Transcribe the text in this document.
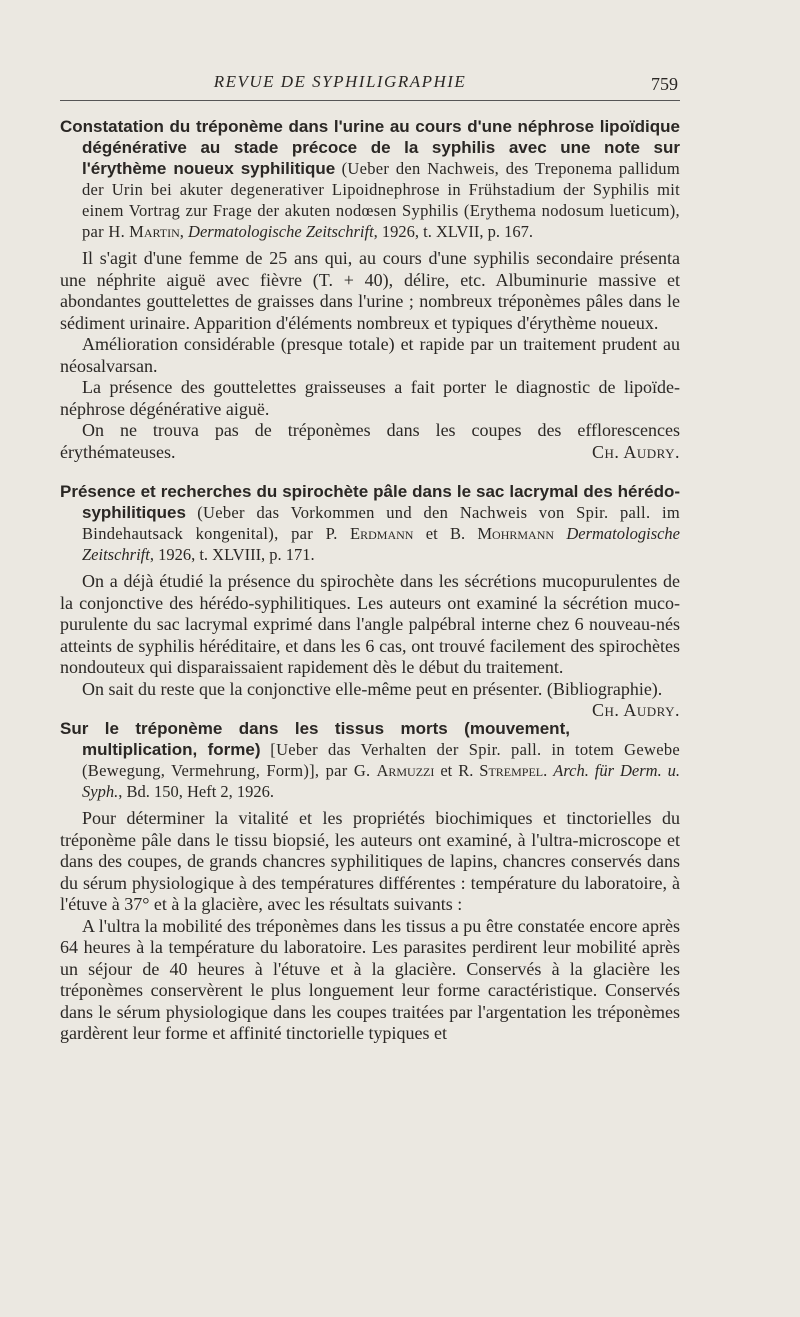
REVUE DE SYPHILIGRAPHIE	759

Constatation du tréponème dans l'urine au cours d'une néphrose lipoïdique dégénérative au stade précoce de la syphilis avec une note sur l'érythème noueux syphilitique (Ueber den Nachweis, des Treponema pallidum der Urin bei akuter degenerativer Lipoidnephrose in Frühstadium der Syphilis mit einem Vortrag zur Frage der akuten nodœsen Syphilis (Erythema nodosum lueticum), par H. Martin, Dermatologische Zeitschrift, 1926, t. XLVII, p. 167.

Il s'agit d'une femme de 25 ans qui, au cours d'une syphilis secondaire présenta une néphrite aiguë avec fièvre (T. + 40), délire, etc. Albuminurie massive et abondantes gouttelettes de graisses dans l'urine ; nombreux tréponèmes pâles dans le sédiment urinaire. Apparition d'éléments nombreux et typiques d'érythème noueux.

Amélioration considérable (presque totale) et rapide par un traitement prudent au néosalvarsan.

La présence des gouttelettes graisseuses a fait porter le diagnostic de lipoïde-néphrose dégénérative aiguë.

On ne trouva pas de tréponèmes dans les coupes des efflorescences érythémateuses.	Ch. Audry.

Présence et recherches du spirochète pâle dans le sac lacrymal des hérédo-syphilitiques (Ueber das Vorkommen und den Nachweis von Spir. pall. im Bindehautsack kongenital), par P. Erdmann et B. Mohrmann Dermatologische Zeitschrift, 1926, t. XLVIII, p. 171.

On a déjà étudié la présence du spirochète dans les sécrétions mucopurulentes de la conjonctive des hérédo-syphilitiques. Les auteurs ont examiné la sécrétion muco-purulente du sac lacrymal exprimé dans l'angle palpébral interne chez 6 nouveau-nés atteints de syphilis héréditaire, et dans les 6 cas, ont trouvé facilement des spirochètes nondouteux qui disparaissaient rapidement dès le début du traitement.

On sait du reste que la conjonctive elle-même peut en présenter. (Bibliographie).
Ch. Audry.

Sur le tréponème dans les tissus morts (mouvement, multiplication, forme) [Ueber das Verhalten der Spir. pall. in totem Gewebe (Bewegung, Vermehrung, Form)], par G. Armuzzi et R. Strempel. Arch. für Derm. u. Syph., Bd. 150, Heft 2, 1926.

Pour déterminer la vitalité et les propriétés biochimiques et tinctorielles du tréponème pâle dans le tissu biopsié, les auteurs ont examiné, à l'ultra-microscope et dans des coupes, de grands chancres syphilitiques de lapins, chancres conservés dans du sérum physiologique à des températures différentes : température du laboratoire, à l'étuve à 37° et à la glacière, avec les résultats suivants :

A l'ultra la mobilité des tréponèmes dans les tissus a pu être constatée encore après 64 heures à la température du laboratoire. Les parasites perdirent leur mobilité après un séjour de 40 heures à l'étuve et à la glacière. Conservés à la glacière les tréponèmes conservèrent le plus longuement leur forme caractéristique. Conservés dans le sérum physiologique dans les coupes traitées par l'argentation les tréponèmes gardèrent leur forme et affinité tinctorielle typiques et
